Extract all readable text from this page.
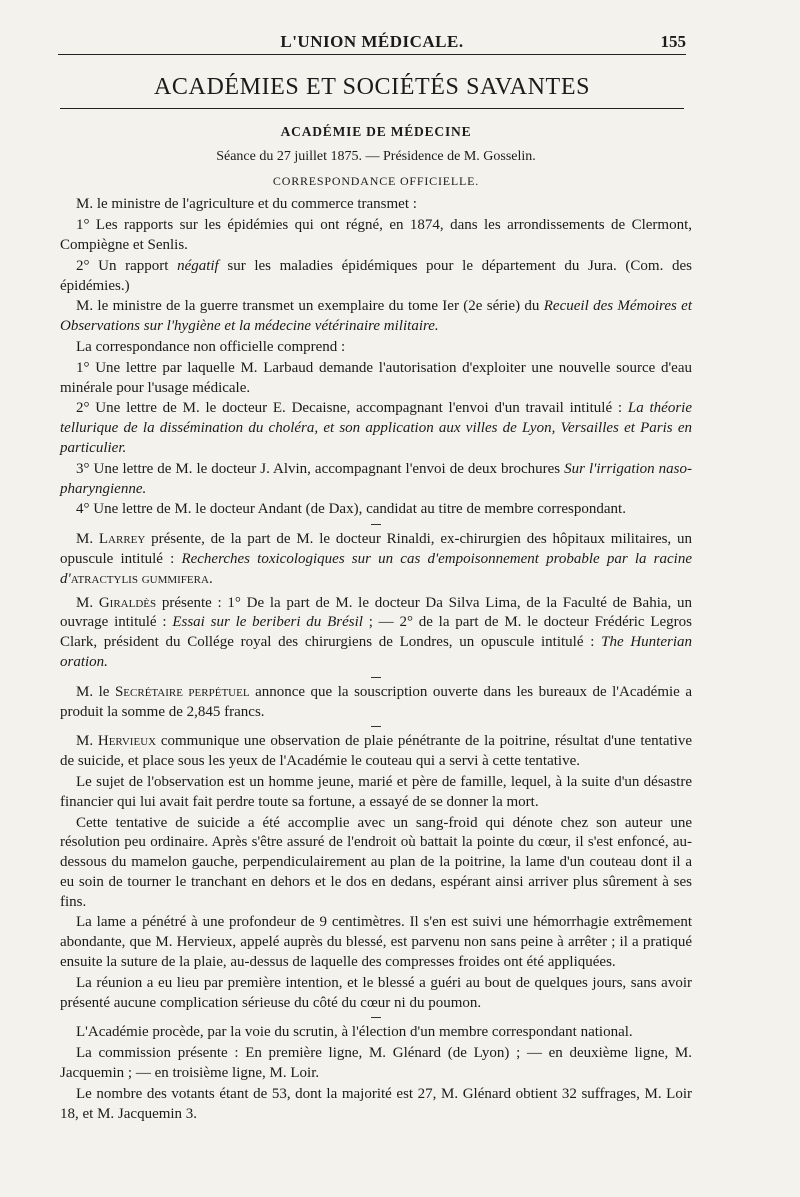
L'UNION MÉDICALE.	155
ACADÉMIES ET SOCIÉTÉS SAVANTES

ACADÉMIE DE MÉDECINE

Séance du 27 juillet 1875. — Présidence de M. Gosselin.

CORRESPONDANCE OFFICIELLE.

M. le ministre de l'agriculture et du commerce transmet :

1° Les rapports sur les épidémies qui ont régné, en 1874, dans les arrondissements de Clermont, Compiègne et Senlis.

2° Un rapport négatif sur les maladies épidémiques pour le département du Jura. (Com. des épidémies.)

M. le ministre de la guerre transmet un exemplaire du tome Ier (2e série) du Recueil des Mémoires et Observations sur l'hygiène et la médecine vétérinaire militaire.

La correspondance non officielle comprend :

1° Une lettre par laquelle M. Larbaud demande l'autorisation d'exploiter une nouvelle source d'eau minérale pour l'usage médicale.

2° Une lettre de M. le docteur E. Decaisne, accompagnant l'envoi d'un travail intitulé : La théorie tellurique de la dissémination du choléra, et son application aux villes de Lyon, Versailles et Paris en particulier.

3° Une lettre de M. le docteur J. Alvin, accompagnant l'envoi de deux brochures Sur l'irrigation naso-pharyngienne.

4° Une lettre de M. le docteur Andant (de Dax), candidat au titre de membre correspondant.

M. Larrey présente, de la part de M. le docteur Rinaldi, ex-chirurgien des hôpitaux militaires, un opuscule intitulé : Recherches toxicologiques sur un cas d'empoisonnement probable par la racine d'atractylis gummifera.

M. Giraldès présente : 1° De la part de M. le docteur Da Silva Lima, de la Faculté de Bahia, un ouvrage intitulé : Essai sur le beriberi du Brésil ; — 2° de la part de M. le docteur Frédéric Legros Clark, président du Collége royal des chirurgiens de Londres, un opuscule intitulé : The Hunterian oration.

M. le Secrétaire perpétuel annonce que la souscription ouverte dans les bureaux de l'Académie a produit la somme de 2,845 francs.

M. Hervieux communique une observation de plaie pénétrante de la poitrine, résultat d'une tentative de suicide, et place sous les yeux de l'Académie le couteau qui a servi à cette tentative.

Le sujet de l'observation est un homme jeune, marié et père de famille, lequel, à la suite d'un désastre financier qui lui avait fait perdre toute sa fortune, a essayé de se donner la mort.

Cette tentative de suicide a été accomplie avec un sang-froid qui dénote chez son auteur une résolution peu ordinaire. Après s'être assuré de l'endroit où battait la pointe du cœur, il s'est enfoncé, au-dessous du mamelon gauche, perpendiculairement au plan de la poitrine, la lame d'un couteau dont il a eu soin de tourner le tranchant en dehors et le dos en dedans, espérant ainsi arriver plus sûrement à ses fins.

La lame a pénétré à une profondeur de 9 centimètres. Il s'en est suivi une hémorrhagie extrêmement abondante, que M. Hervieux, appelé auprès du blessé, est parvenu non sans peine à arrêter ; il a pratiqué ensuite la suture de la plaie, au-dessus de laquelle des compresses froides ont été appliquées.

La réunion a eu lieu par première intention, et le blessé a guéri au bout de quelques jours, sans avoir présenté aucune complication sérieuse du côté du cœur ni du poumon.

L'Académie procède, par la voie du scrutin, à l'élection d'un membre correspondant national.

La commission présente : En première ligne, M. Glénard (de Lyon) ; — en deuxième ligne, M. Jacquemin ; — en troisième ligne, M. Loir.

Le nombre des votants étant de 53, dont la majorité est 27, M. Glénard obtient 32 suffrages, M. Loir 18, et M. Jacquemin 3.
